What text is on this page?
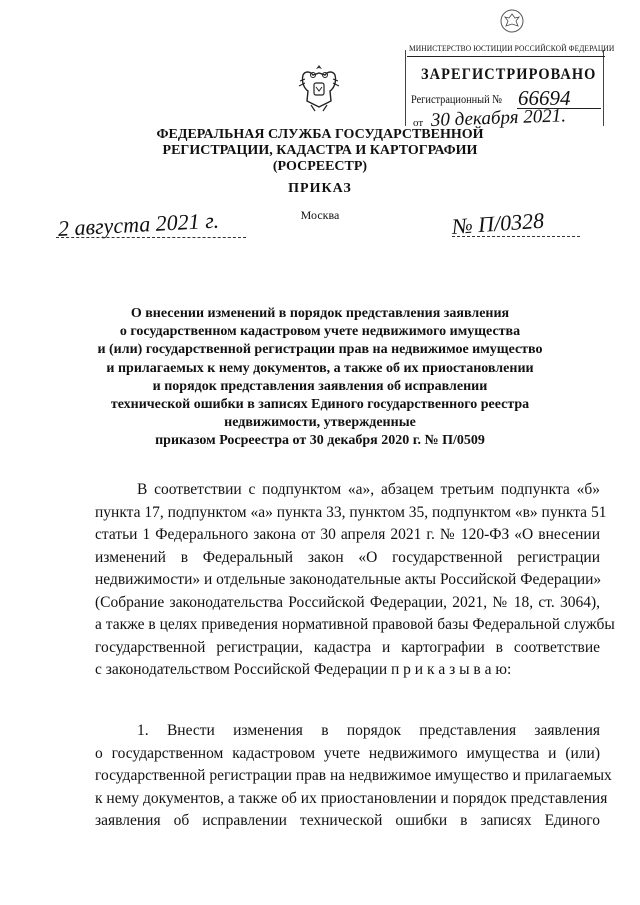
МИНИСТЕРСТВО ЮСТИЦИИ РОССИЙСКОЙ ФЕДЕРАЦИИ
ЗАРЕГИСТРИРОВАНО
Регистрационный № 66694
от 30 декабря 2021.
ФЕДЕРАЛЬНАЯ СЛУЖБА ГОСУДАРСТВЕННОЙ
РЕГИСТРАЦИИ, КАДАСТРА И КАРТОГРАФИИ
(РОСРЕЕСТР)
ПРИКАЗ
Москва
2 августа 2021 г.	№ П/0328
О внесении изменений в порядок представления заявления
о государственном кадастровом учете недвижимого имущества
и (или) государственной регистрации прав на недвижимое имущество
и прилагаемых к нему документов, а также об их приостановлении
и порядок представления заявления об исправлении
технической ошибки в записях Единого государственного реестра
недвижимости, утвержденные
приказом Росреестра от 30 декабря 2020 г. № П/0509
В соответствии с подпунктом «а», абзацем третьим подпункта «б»
пункта 17, подпунктом «а» пункта 33, пунктом 35, подпунктом «в» пункта 51
статьи 1 Федерального закона от 30 апреля 2021 г. № 120-ФЗ «О внесении
изменений в Федеральный закон «О государственной регистрации
недвижимости» и отдельные законодательные акты Российской Федерации»
(Собрание законодательства Российской Федерации, 2021, № 18, ст. 3064),
а также в целях приведения нормативной правовой базы Федеральной службы
государственной регистрации, кадастра и картографии в соответствие
с законодательством Российской Федерации п р и к а з ы в а ю:
1. Внести изменения в порядок представления заявления
о государственном кадастровом учете недвижимого имущества и (или)
государственной регистрации прав на недвижимое имущество и прилагаемых
к нему документов, а также об их приостановлении и порядок представления
заявления об исправлении технической ошибки в записях Единого
